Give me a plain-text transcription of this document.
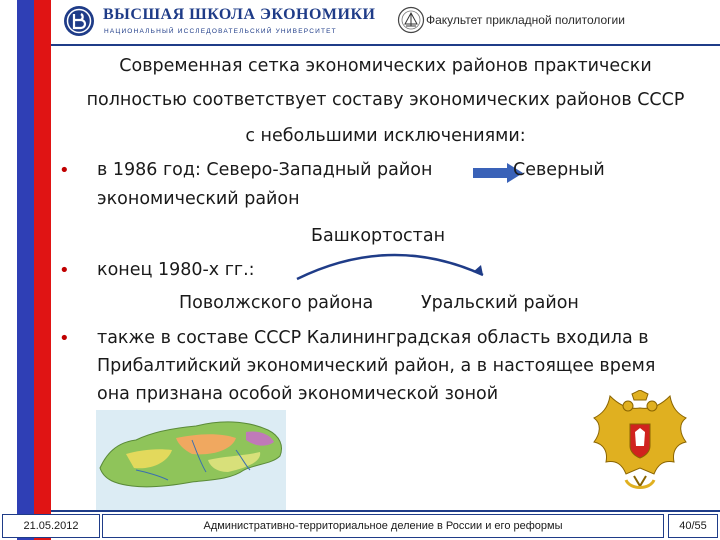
ВЫСШАЯ ШКОЛА ЭКОНОМИКИ
НАЦИОНАЛЬНЫЙ ИССЛЕДОВАТЕЛЬСКИЙ УНИВЕРСИТЕТ
Факультет прикладной политологии
Современная сетка экономических районов практически
полностью соответствует составу экономических районов СССР
с небольшими исключениями:
• в 1986 год: Северо-Западный район	Северный
экономический район
Башкортостан
• конец 1980-х гг.:
Поволжского района	Уральский район
• также в составе СССР Калининградская область входила в
Прибалтийский экономический район, а в настоящее время
она признана особой экономической зоной
21.05.2012	Административно-территориальное деление в России и его реформы	40/55
